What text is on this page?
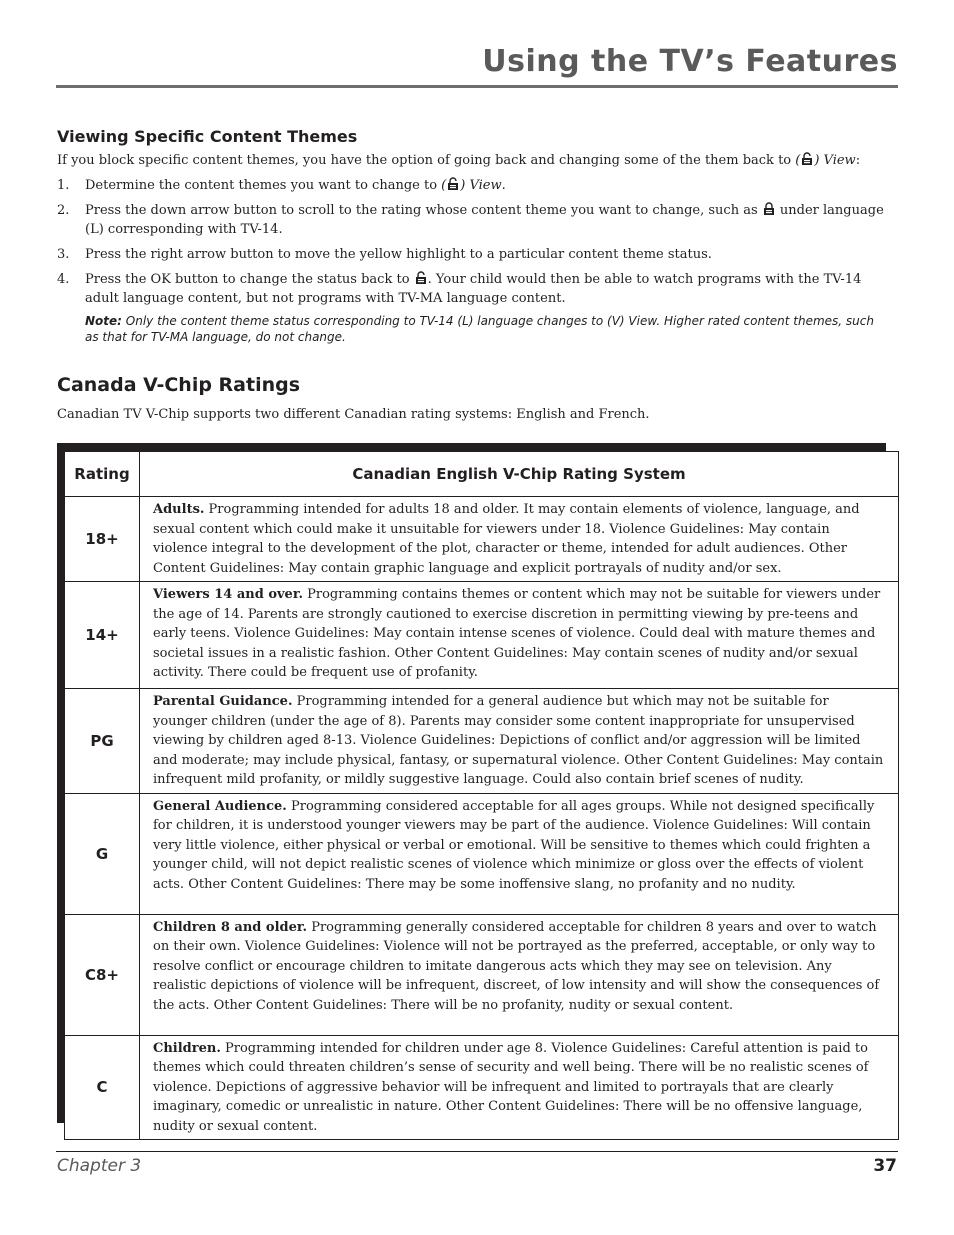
Using the TV’s Features
Viewing Specific Content Themes
If you block specific content themes, you have the option of going back and changing some of the them back to ( ) View:
1. Determine the content themes you want to change to ( ) View.
2. Press the down arrow button to scroll to the rating whose content theme you want to change, such as
under language (L) corresponding with TV-14.
3. Press the right arrow button to move the yellow highlight to a particular content theme status.
4. Press the OK button to change the status back to
. Your child would then be able to watch programs with the TV-14 adult language content, but not programs with TV-MA language content.
Note: Only the content theme status corresponding to TV-14 (L) language changes to (V) View. Higher rated content themes, such as that for TV-MA language, do not change.
Canada V-Chip Ratings
Canadian TV V-Chip supports two different Canadian rating systems: English and French.
Rating	Canadian English V-Chip Rating System
18+	Adults. Programming intended for adults 18 and older. It may contain elements of violence, language, and sexual content which could make it unsuitable for viewers under 18. Violence Guidelines: May contain violence integral to the development of the plot, character or theme, intended for adult audiences. Other Content Guidelines: May contain graphic language and explicit portrayals of nudity and/or sex.
14+	Viewers 14 and over. Programming contains themes or content which may not be suitable for viewers under the age of 14. Parents are strongly cautioned to exercise discretion in permitting viewing by pre-teens and early teens. Violence Guidelines: May contain intense scenes of violence. Could deal with mature themes and societal issues in a realistic fashion. Other Content Guidelines: May contain scenes of nudity and/or sexual activity. There could be frequent use of profanity.
PG	Parental Guidance. Programming intended for a general audience but which may not be suitable for younger children (under the age of 8). Parents may consider some content inappropriate for unsupervised viewing by children aged 8-13. Violence Guidelines: Depictions of conflict and/or aggression will be limited and moderate; may include physical, fantasy, or supernatural violence. Other Content Guidelines: May contain infrequent mild profanity, or mildly suggestive language. Could also contain brief scenes of nudity.
G	General Audience. Programming considered acceptable for all ages groups. While not designed specifically for children, it is understood younger viewers may be part of the audience. Violence Guidelines: Will contain very little violence, either physical or verbal or emotional. Will be sensitive to themes which could frighten a younger child, will not depict realistic scenes of violence which minimize or gloss over the effects of violent acts. Other Content Guidelines: There may be some inoffensive slang, no profanity and no nudity.
C8+	Children 8 and older. Programming generally considered acceptable for children 8 years and over to watch on their own. Violence Guidelines: Violence will not be portrayed as the preferred, acceptable, or only way to resolve conflict or encourage children to imitate dangerous acts which they may see on television. Any realistic depictions of violence will be infrequent, discreet, of low intensity and will show the consequences of the acts. Other Content Guidelines: There will be no profanity, nudity or sexual content.
C	Children. Programming intended for children under age 8. Violence Guidelines: Careful attention is paid to themes which could threaten children’s sense of security and well being. There will be no realistic scenes of violence. Depictions of aggressive behavior will be infrequent and limited to portrayals that are clearly imaginary, comedic or unrealistic in nature. Other Content Guidelines: There will be no offensive language, nudity or sexual content.
Chapter 3	37
